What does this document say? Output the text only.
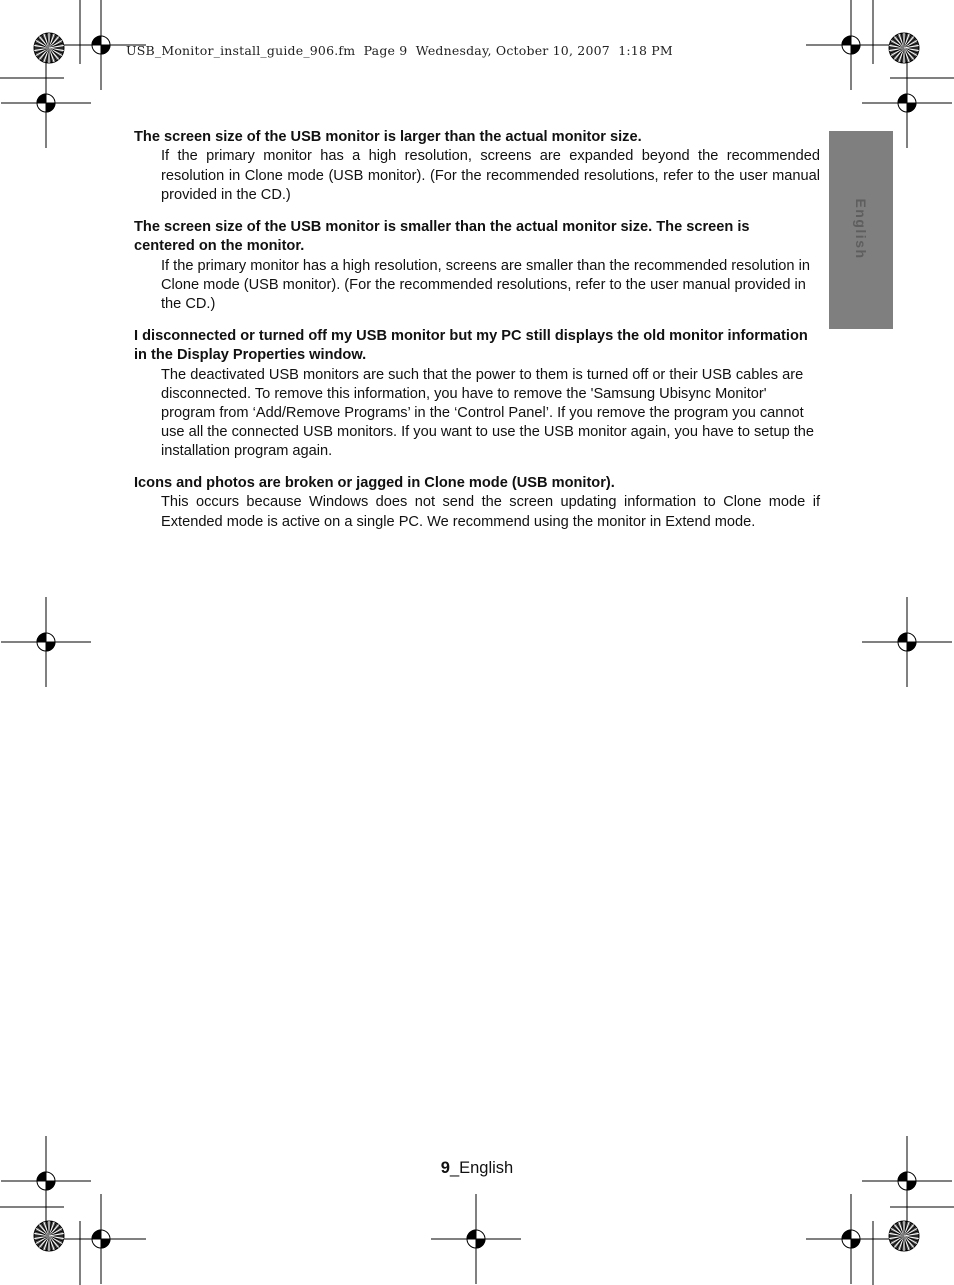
USB_Monitor_install_guide_906.fm  Page 9  Wednesday, October 10, 2007  1:18 PM
English

The screen size of the USB monitor is larger than the actual monitor size.

If the primary monitor has a high resolution, screens are expanded beyond the recommended resolution in Clone mode (USB monitor). (For the recommended resolutions, refer to the user manual provided in the CD.)

The screen size of the USB monitor is smaller than the actual monitor size. The screen is centered on the monitor.

If the primary monitor has a high resolution, screens are smaller than the recommended resolution in Clone mode (USB monitor). (For the recommended resolutions, refer to the user manual provided in the CD.)

I disconnected or turned off my USB monitor but my PC still displays the old monitor information in the Display Properties window.

The deactivated USB monitors are such that the power to them is turned off or their USB cables are disconnected. To remove this information, you have to remove the 'Samsung Ubisync Monitor' program from ‘Add/Remove Programs’ in the ‘Control Panel’. If you remove the program you cannot use all the connected USB monitors. If you want to use the USB monitor again, you have to setup the installation program again.

Icons and photos are broken or jagged in Clone mode (USB monitor).

This occurs because Windows does not send the screen updating information to Clone mode if Extended mode is active on a single PC. We recommend using the monitor in Extend mode.

9_English
